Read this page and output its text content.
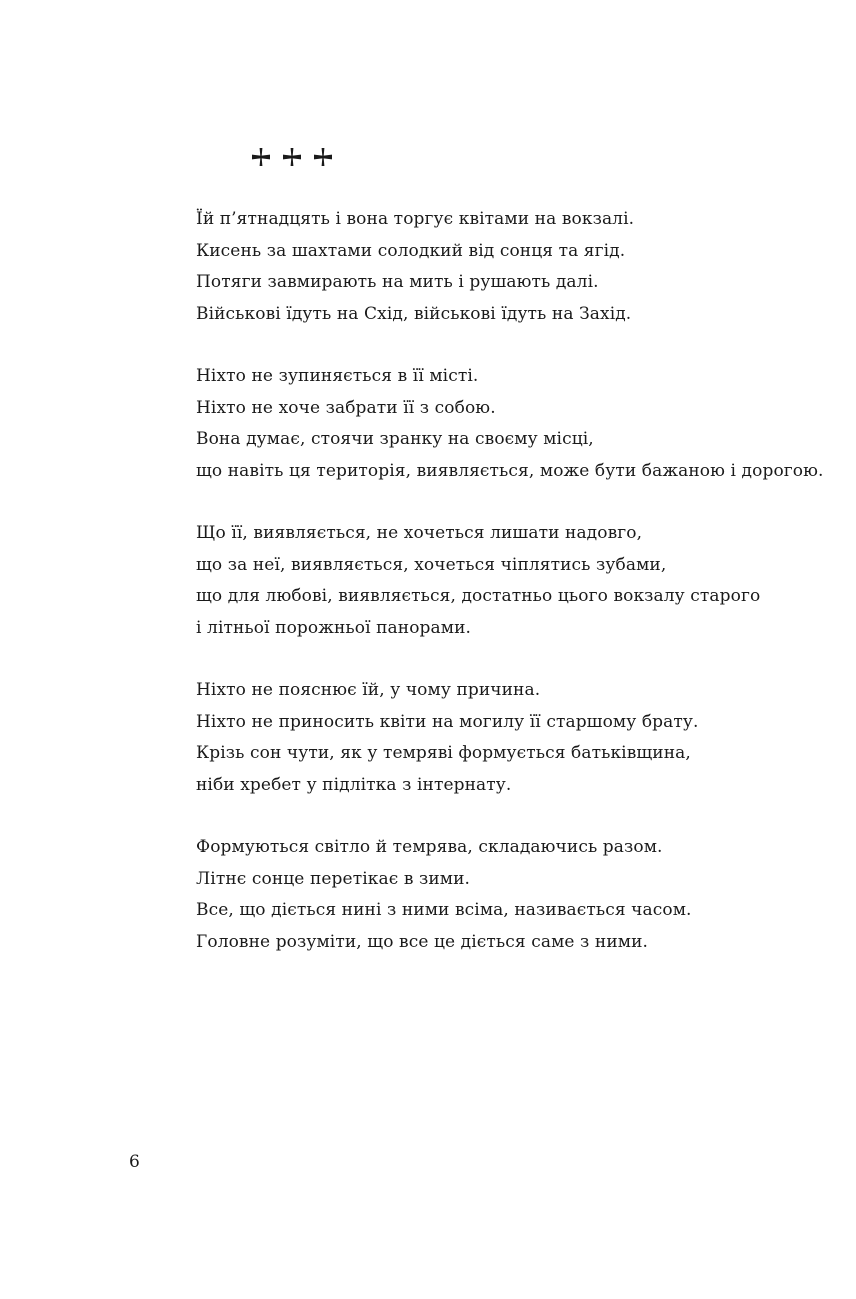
Їй п’ятнадцять і вона торгує квітами на вокзалі.
Кисень за шахтами солодкий від сонця та ягід.
Потяги завмирають на мить і рушають далі.
Військові їдуть на Схід, військові їдуть на Захід.
Ніхто не зупиняється в її місті.
Ніхто не хоче забрати її з собою.
Вона думає, стоячи зранку на своєму місці,
що навіть ця територія, виявляється, може бути бажаною і дорогою.
Що її, виявляється, не хочеться лишати надовго,
що за неї, виявляється, хочеться чіплятись зубами,
що для любові, виявляється, достатньо цього вокзалу старого
і літньої порожньої панорами.
Ніхто не пояснює їй, у чому причина.
Ніхто не приносить квіти на могилу її старшому брату.
Крізь сон чути, як у темряві формується батьківщина,
ніби хребет у підлітка з інтернату.
Формуються світло й темрява, складаючись разом.
Літнє сонце перетікає в зими.
Все, що діється нині з ними всіма, називається часом.
Головне розуміти, що все це діється саме з ними.
6
